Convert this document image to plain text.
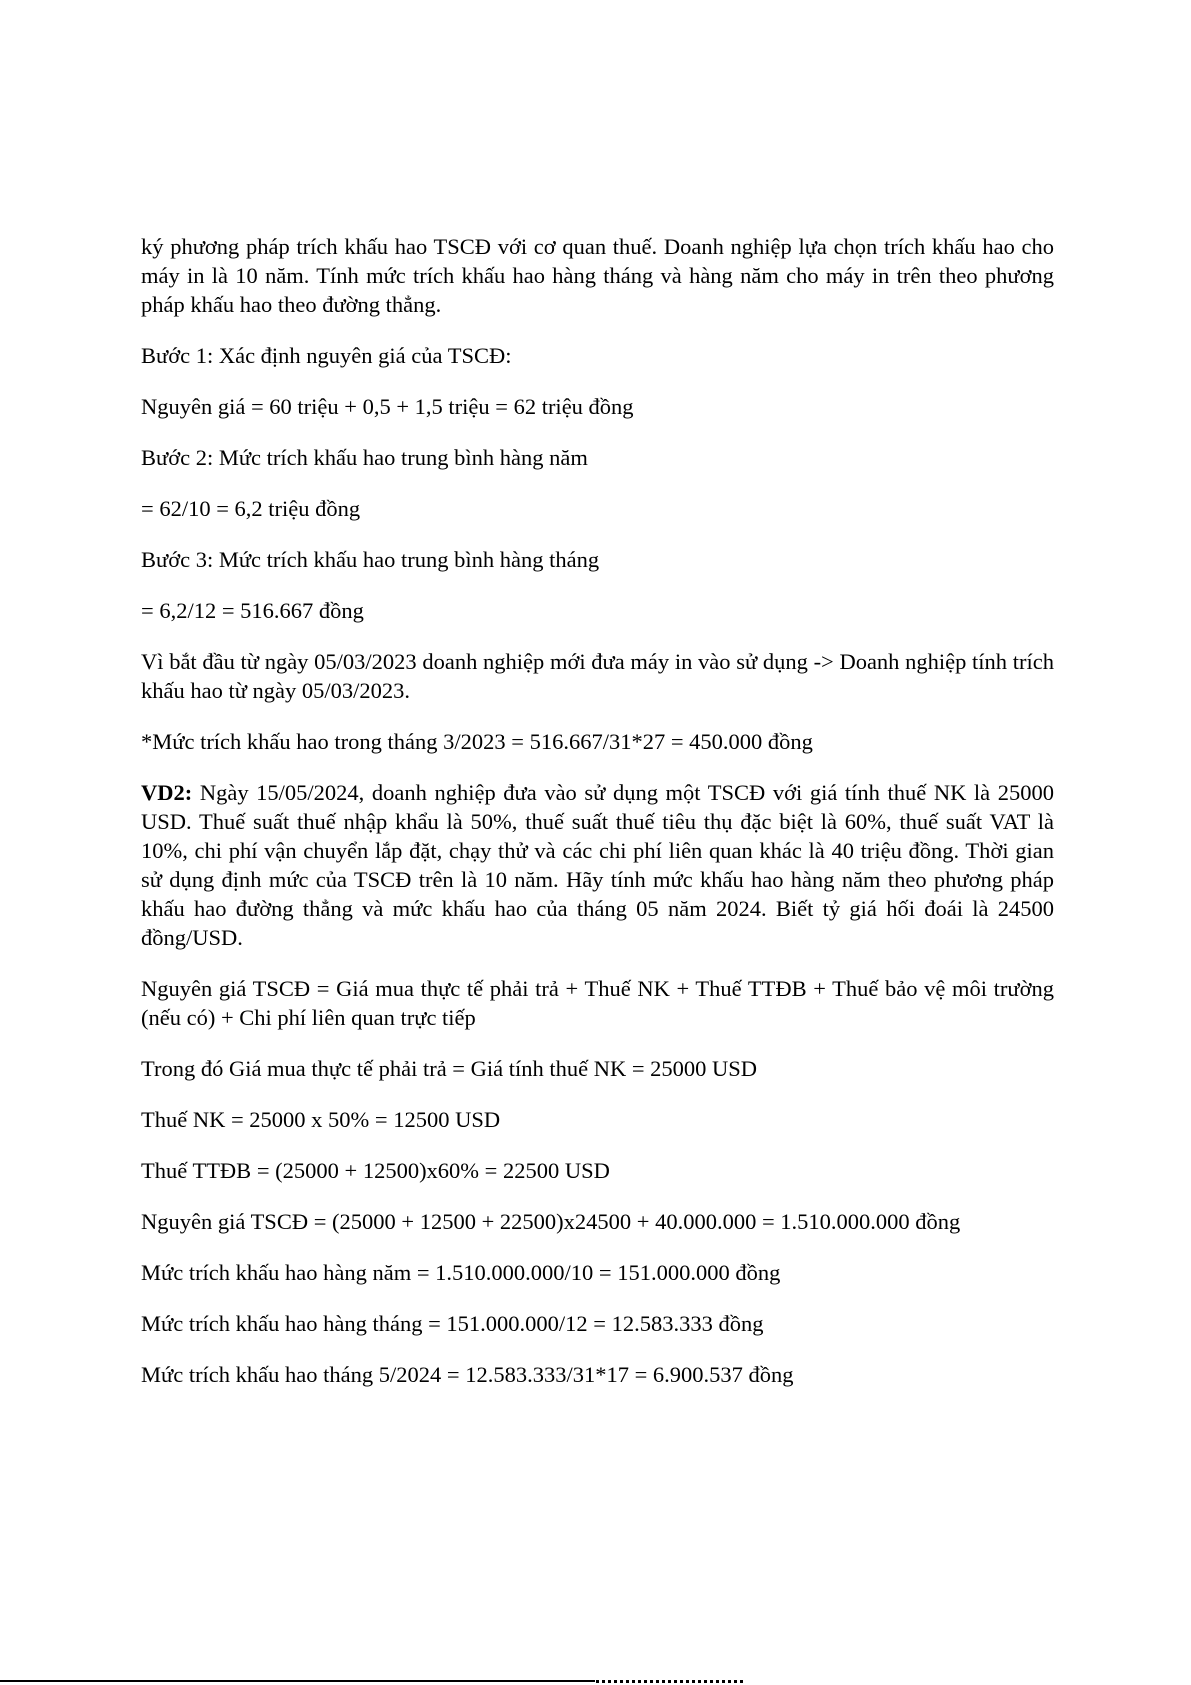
ký phương pháp trích khấu hao TSCĐ với cơ quan thuế. Doanh nghiệp lựa chọn trích khấu hao cho máy in là 10 năm. Tính mức trích khấu hao hàng tháng và hàng năm cho máy in trên theo phương pháp khấu hao theo đường thẳng.

Bước 1: Xác định nguyên giá của TSCĐ:

Nguyên giá = 60 triệu + 0,5 + 1,5 triệu = 62 triệu đồng

Bước 2: Mức trích khấu hao trung bình hàng năm

= 62/10 = 6,2 triệu đồng

Bước 3: Mức trích khấu hao trung bình hàng tháng

= 6,2/12 = 516.667 đồng

Vì bắt đầu từ ngày 05/03/2023 doanh nghiệp mới đưa máy in vào sử dụng -> Doanh nghiệp tính trích khấu hao từ ngày 05/03/2023.

*Mức trích khấu hao trong tháng 3/2023 = 516.667/31*27 = 450.000 đồng

VD2: Ngày 15/05/2024, doanh nghiệp đưa vào sử dụng một TSCĐ với giá tính thuế NK là 25000 USD. Thuế suất thuế nhập khẩu là 50%, thuế suất thuế tiêu thụ đặc biệt là 60%, thuế suất VAT là 10%, chi phí vận chuyển lắp đặt, chạy thử và các chi phí liên quan khác là 40 triệu đồng. Thời gian sử dụng định mức của TSCĐ trên là 10 năm. Hãy tính mức khấu hao hàng năm theo phương pháp khấu hao đường thẳng và mức khấu hao của tháng 05 năm 2024. Biết tỷ giá hối đoái là 24500 đồng/USD.

Nguyên giá TSCĐ = Giá mua thực tế phải trả + Thuế NK + Thuế TTĐB + Thuế bảo vệ môi trường (nếu có) + Chi phí liên quan trực tiếp

Trong đó Giá mua thực tế phải trả = Giá tính thuế NK = 25000 USD

Thuế NK = 25000 x 50% = 12500 USD

Thuế TTĐB = (25000 + 12500)x60% = 22500 USD

Nguyên giá TSCĐ = (25000 + 12500 + 22500)x24500 + 40.000.000 = 1.510.000.000 đồng

Mức trích khấu hao hàng năm = 1.510.000.000/10 = 151.000.000 đồng

Mức trích khấu hao hàng tháng = 151.000.000/12 = 12.583.333 đồng

Mức trích khấu hao tháng 5/2024 = 12.583.333/31*17 = 6.900.537 đồng
